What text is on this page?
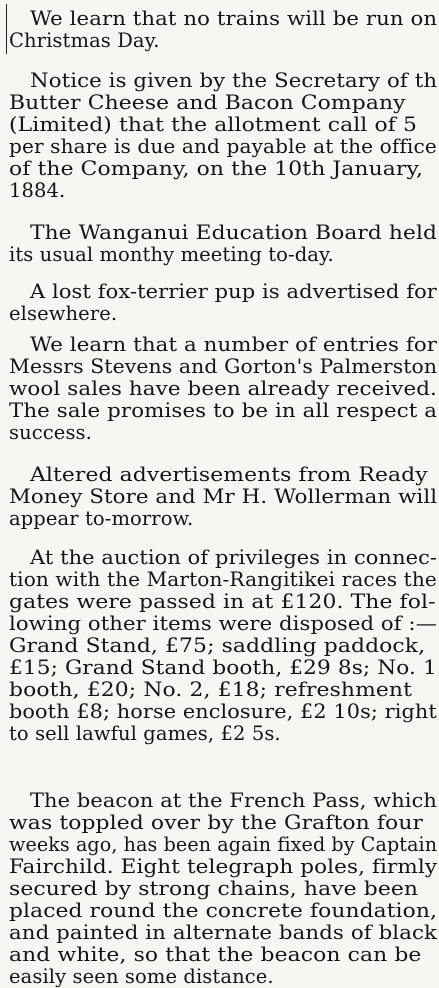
We learn that no trains will be run on
Christmas Day.
Notice is given by the Secretary of th
Butter Cheese and Bacon Company
(Limited) that the allotment call of 5
per share is due and payable at the office
of the Company, on the 10th January,
1884.
The Wanganui Education Board held
its usual monthy meeting to-day.
A lost fox-terrier pup is advertised for
elsewhere.
We learn that a number of entries for
Messrs Stevens and Gorton's Palmerston
wool sales have been already received.
The sale promises to be in all respect a
success.
Altered advertisements from Ready
Money Store and Mr H. Wollerman will
appear to-morrow.
At the auction of privileges in connec-
tion with the Marton-Rangitikei races the
gates were passed in at £120. The fol-
lowing other items were disposed of :—
Grand Stand, £75; saddling paddock,
£15; Grand Stand booth, £29 8s; No. 1
booth, £20; No. 2, £18; refreshment
booth £8; horse enclosure, £2 10s; right
to sell lawful games, £2 5s.
The beacon at the French Pass, which
was toppled over by the Grafton four
weeks ago, has been again fixed by Captain
Fairchild. Eight telegraph poles, firmly
secured by strong chains, have been
placed round the concrete foundation,
and painted in alternate bands of black
and white, so that the beacon can be
easily seen some distance.
